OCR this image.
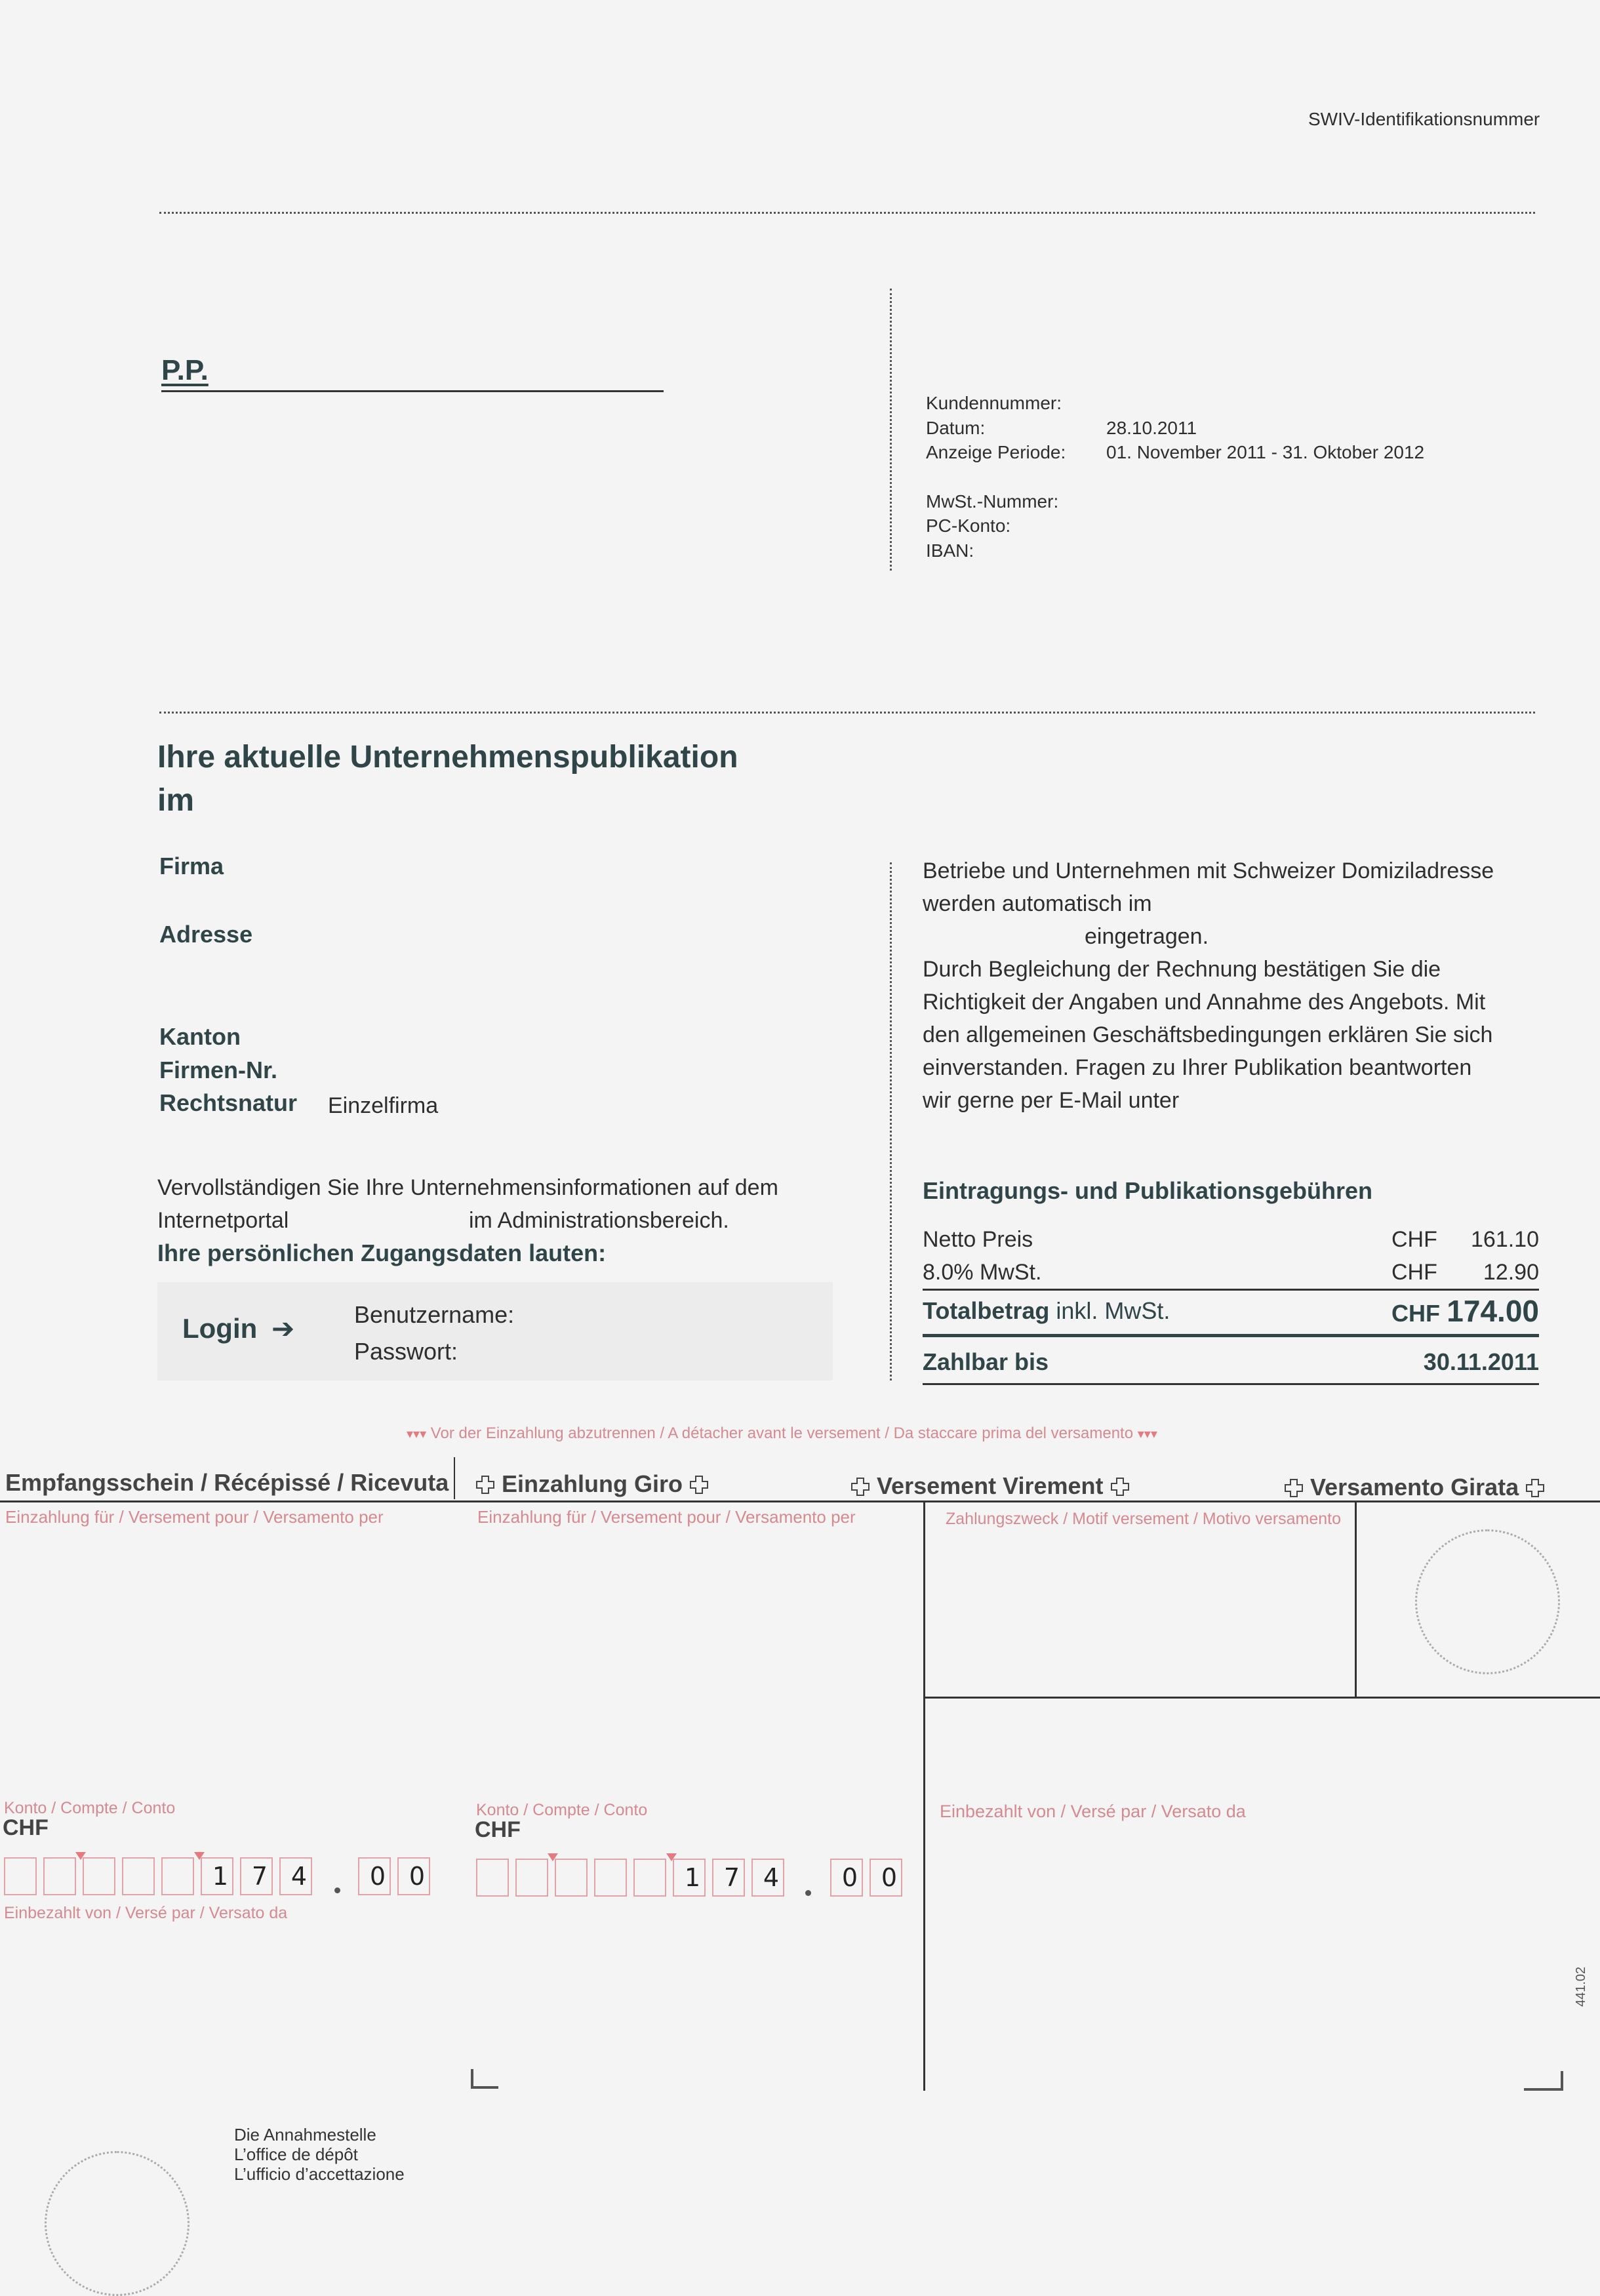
SWIV-Identifikationsnummer
P.P.
Kundennummer:
Datum:	28.10.2011
Anzeige Periode:	01. November 2011 - 31. Oktober 2012
MwSt.-Nummer:
PC-Konto:
IBAN:
Ihre aktuelle Unternehmenspublikation
im
Firma
Adresse
Kanton
Firmen-Nr.
Rechtsnatur Einzelfirma
Betriebe und Unternehmen mit Schweizer Domiziladresse
werden automatisch im
eingetragen.
Durch Begleichung der Rechnung bestätigen Sie die
Richtigkeit der Angaben und Annahme des Angebots. Mit
den allgemeinen Geschäftsbedingungen erklären Sie sich
einverstanden. Fragen zu Ihrer Publikation beantworten
wir gerne per E-Mail unter
Vervollständigen Sie Ihre Unternehmensinformationen auf dem
Internetportal	im Administrationsbereich.
Ihre persönlichen Zugangsdaten lauten:
Login ➔	Benutzername:
Passwort:
Eintragungs- und Publikationsgebühren
Netto Preis	CHF	161.10
8.0% MwSt.	CHF	12.90
Totalbetrag inkl. MwSt.	CHF 174.00
Zahlbar bis	30.11.2011
▾▾▾ Vor der Einzahlung abzutrennen / A détacher avant le versement / Da staccare prima del versamento ▾▾▾
Empfangsschein / Récépissé / Ricevuta	Einzahlung Giro	Versement Virement	Versamento Girata
Einzahlung für / Versement pour / Versamento per	Einzahlung für / Versement pour / Versamento per	Zahlungszweck / Motif versement / Motivo versamento
Konto / Compte / Conto
CHF
1 7 4	0 0
Einbezahlt von / Versé par / Versato da
Konto / Compte / Conto
CHF
1 7 4	0 0
Einbezahlt von / Versé par / Versato da
441.02
Die Annahmestelle
L’office de dépôt
L’ufficio d’accettazione
